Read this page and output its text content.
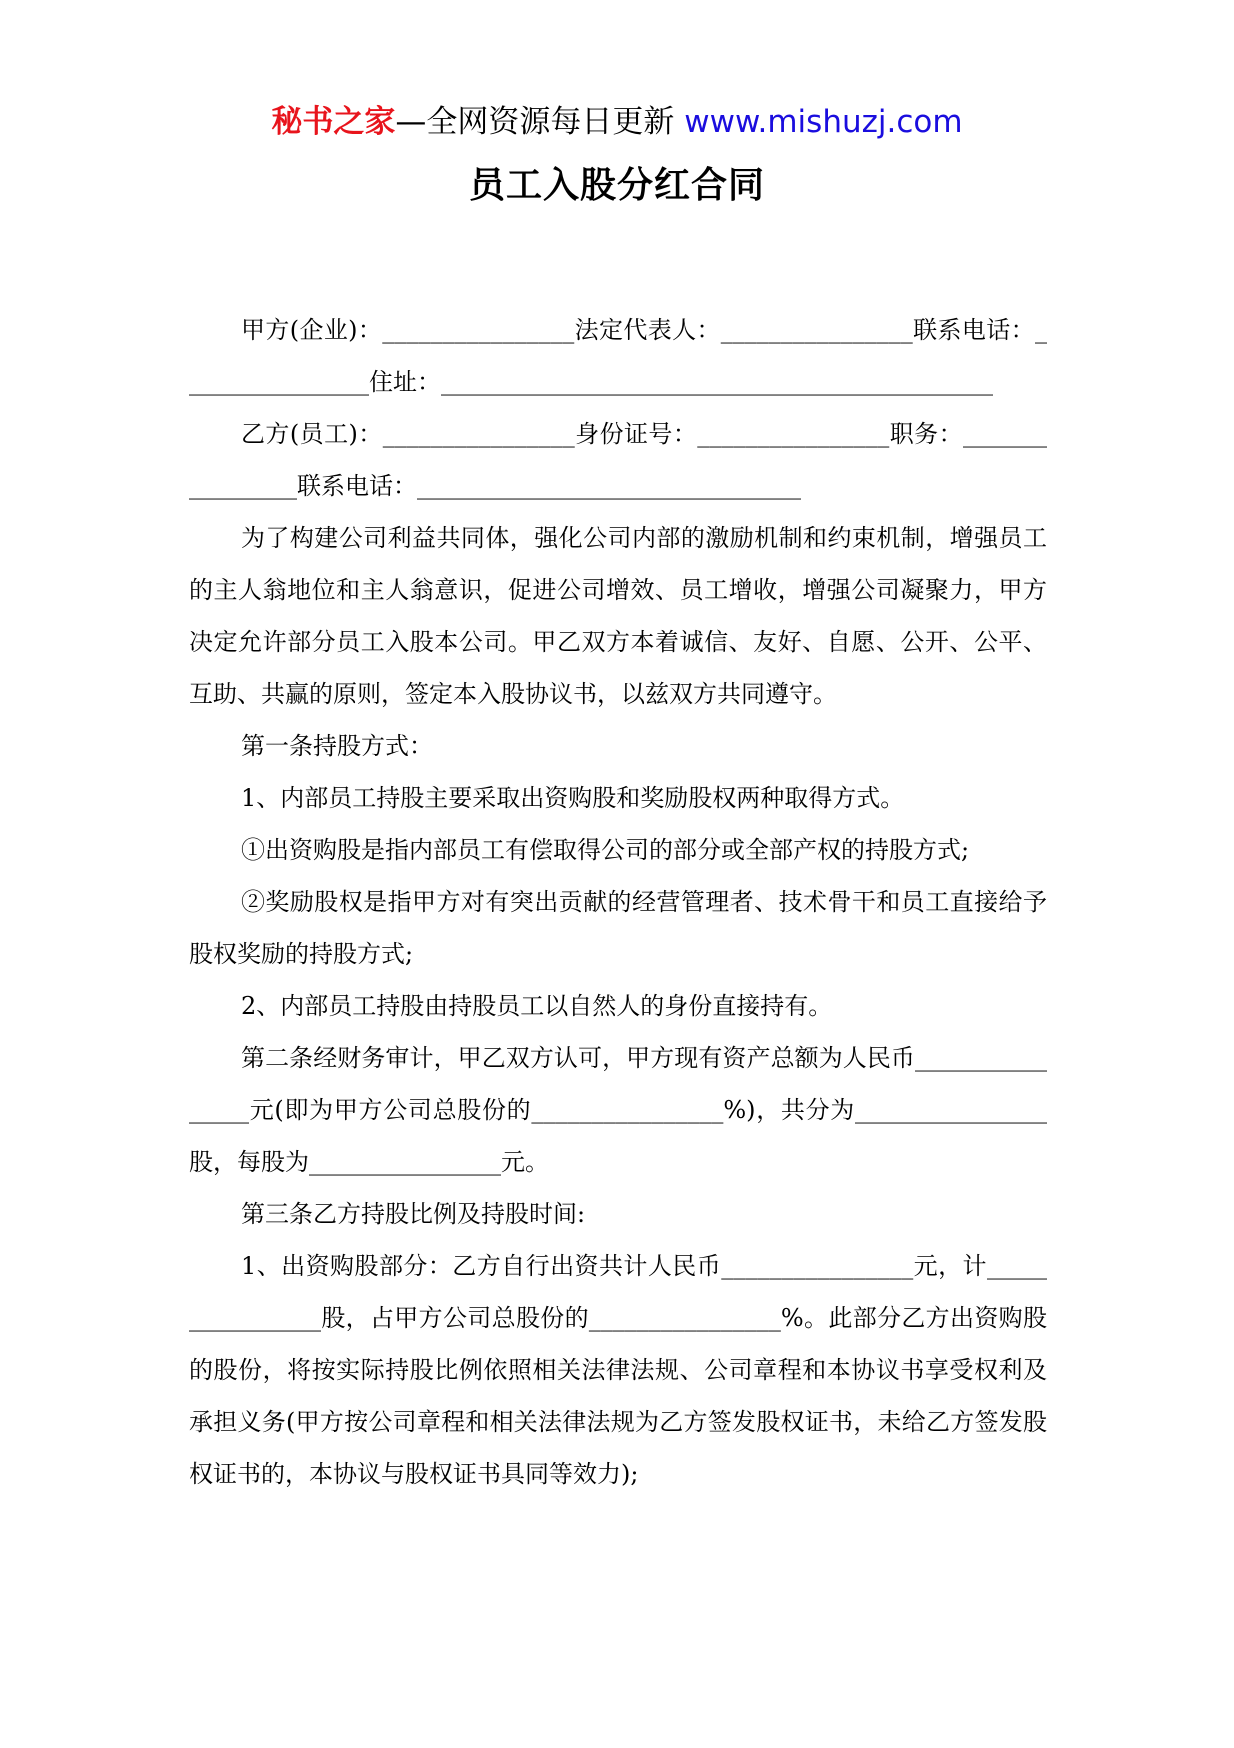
秘书之家—全网资源每日更新 www.mishuzj.com
员工入股分红合同

甲方(企业)：________________法定代表人：________________联系电话：________________住址：______________________________________________

乙方(员工)：________________身份证号：________________职务：________________联系电话：________________________________

为了构建公司利益共同体，强化公司内部的激励机制和约束机制，增强员工的主人翁地位和主人翁意识，促进公司增效、员工增收，增强公司凝聚力，甲方决定允许部分员工入股本公司。甲乙双方本着诚信、友好、自愿、公开、公平、互助、共赢的原则，签定本入股协议书，以兹双方共同遵守。

第一条持股方式：

1、内部员工持股主要采取出资购股和奖励股权两种取得方式。

①出资购股是指内部员工有偿取得公司的部分或全部产权的持股方式;

②奖励股权是指甲方对有突出贡献的经营管理者、技术骨干和员工直接给予股权奖励的持股方式;

2、内部员工持股由持股员工以自然人的身份直接持有。

第二条经财务审计，甲乙双方认可，甲方现有资产总额为人民币________________元(即为甲方公司总股份的________________%)，共分为________________股，每股为________________元。

第三条乙方持股比例及持股时间:

1、出资购股部分：乙方自行出资共计人民币________________元，计________________股，占甲方公司总股份的________________%。此部分乙方出资购股的股份，将按实际持股比例依照相关法律法规、公司章程和本协议书享受权利及承担义务(甲方按公司章程和相关法律法规为乙方签发股权证书，未给乙方签发股权证书的，本协议与股权证书具同等效力);
